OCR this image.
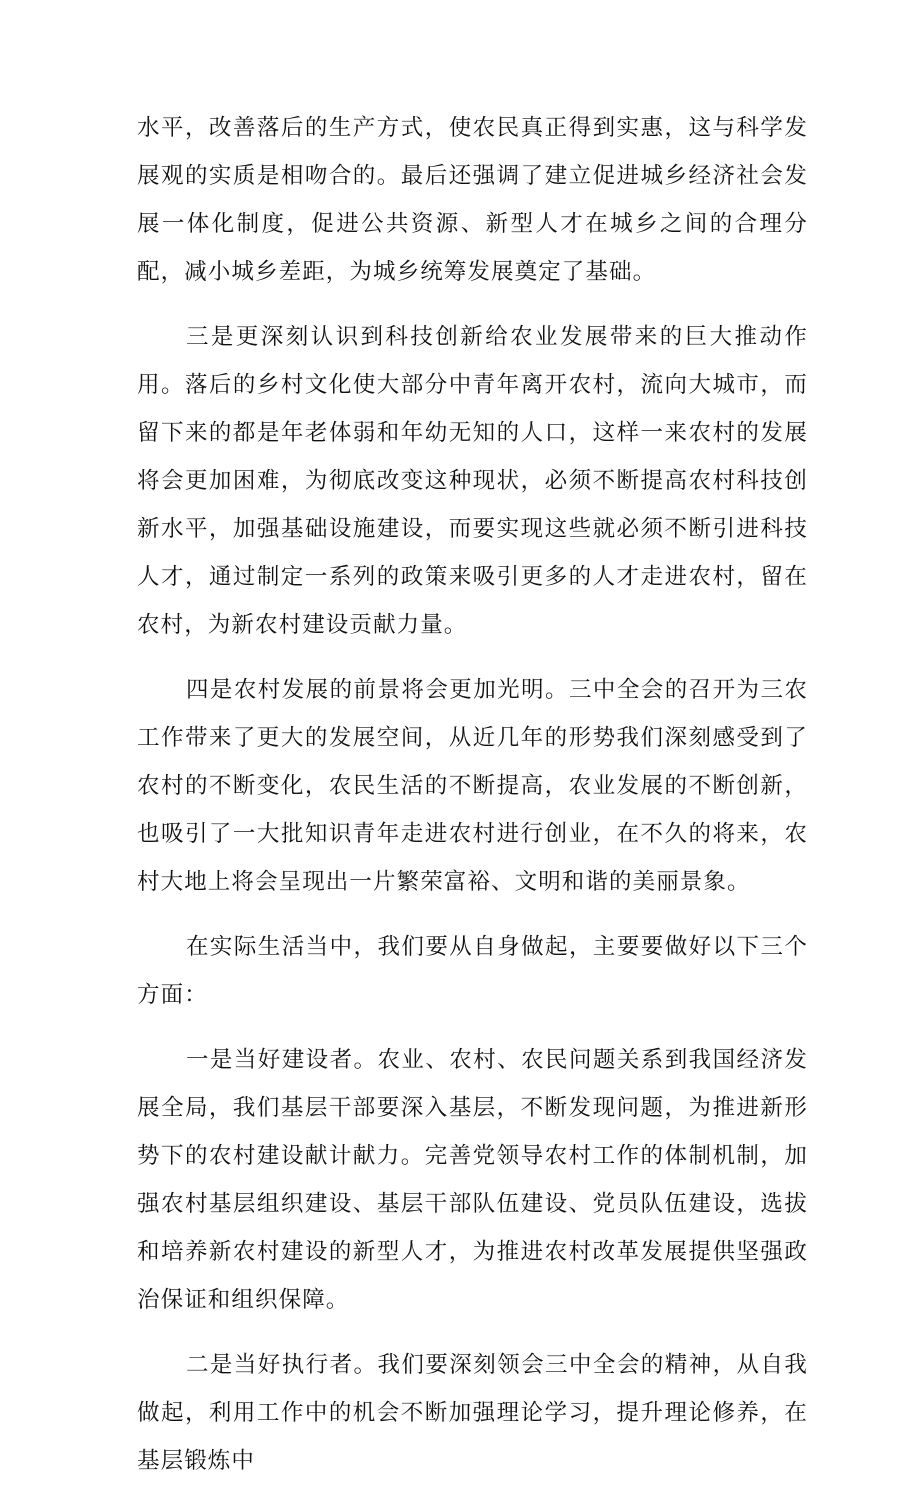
水平，改善落后的生产方式，使农民真正得到实惠，这与科学发展观的实质是相吻合的。最后还强调了建立促进城乡经济社会发展一体化制度，促进公共资源、新型人才在城乡之间的合理分配，减小城乡差距，为城乡统筹发展奠定了基础。

三是更深刻认识到科技创新给农业发展带来的巨大推动作用。落后的乡村文化使大部分中青年离开农村，流向大城市，而留下来的都是年老体弱和年幼无知的人口，这样一来农村的发展将会更加困难，为彻底改变这种现状，必须不断提高农村科技创新水平，加强基础设施建设，而要实现这些就必须不断引进科技人才，通过制定一系列的政策来吸引更多的人才走进农村，留在农村，为新农村建设贡献力量。

四是农村发展的前景将会更加光明。三中全会的召开为三农工作带来了更大的发展空间，从近几年的形势我们深刻感受到了农村的不断变化，农民生活的不断提高，农业发展的不断创新，也吸引了一大批知识青年走进农村进行创业，在不久的将来，农村大地上将会呈现出一片繁荣富裕、文明和谐的美丽景象。

在实际生活当中，我们要从自身做起，主要要做好以下三个方面：

一是当好建设者。农业、农村、农民问题关系到我国经济发展全局，我们基层干部要深入基层，不断发现问题，为推进新形势下的农村建设献计献力。完善党领导农村工作的体制机制，加强农村基层组织建设、基层干部队伍建设、党员队伍建设，选拔和培养新农村建设的新型人才，为推进农村改革发展提供坚强政治保证和组织保障。

二是当好执行者。我们要深刻领会三中全会的精神，从自我做起，利用工作中的机会不断加强理论学习，提升理论修养，在基层锻炼中
